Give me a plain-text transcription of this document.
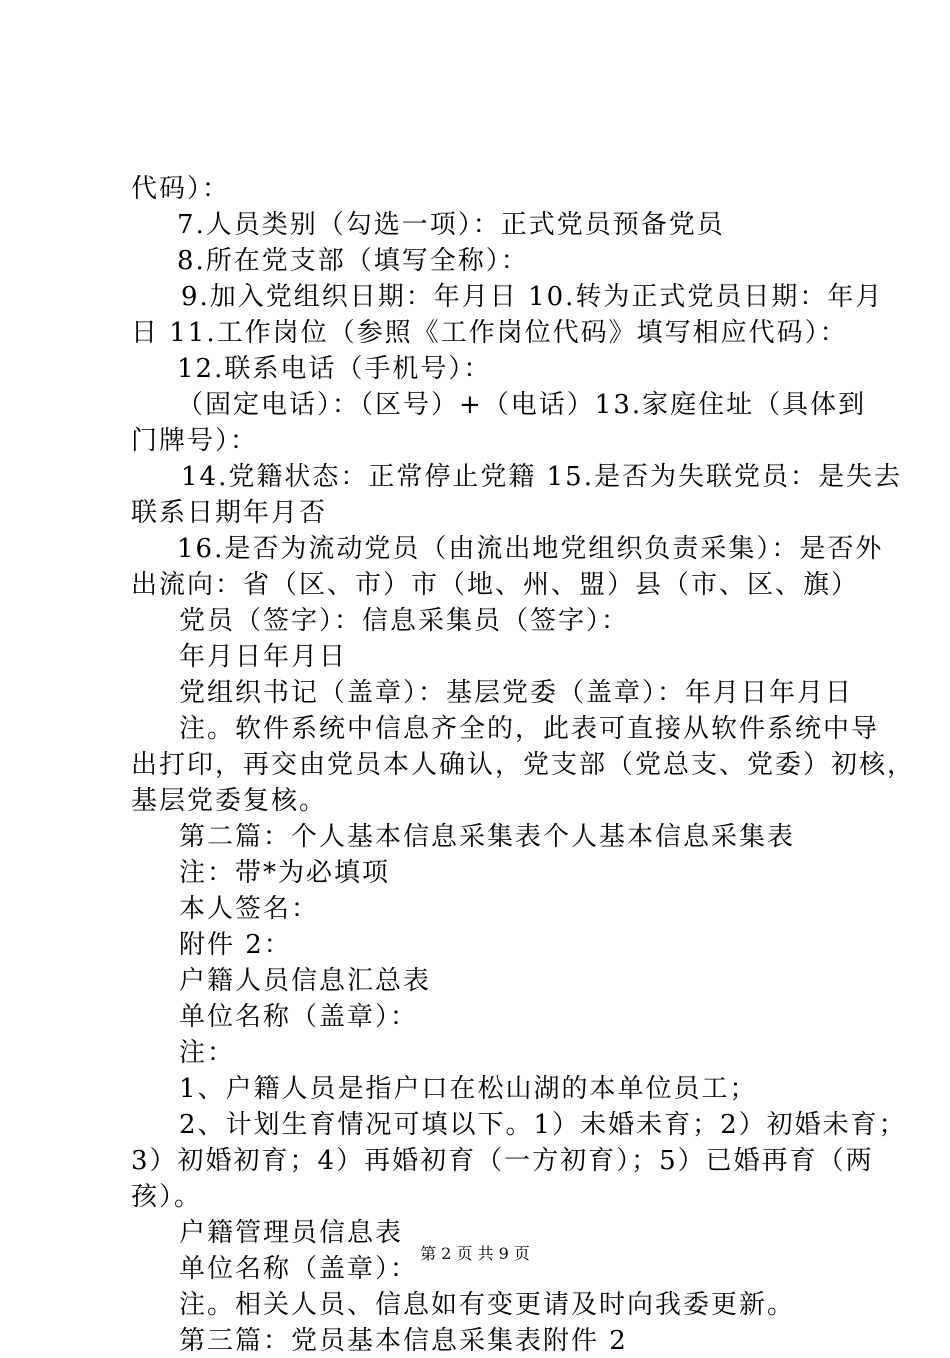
代码）：
7.人员类别（勾选一项）：正式党员预备党员
8.所在党支部（填写全称）：
9.加入党组织日期：年月日 10.转为正式党员日期：年月
日 11.工作岗位（参照《工作岗位代码》填写相应代码）：
12.联系电话（手机号）：
（固定电话）：（区号）+（电话）13.家庭住址（具体到
门牌号）：
14.党籍状态：正常停止党籍 15.是否为失联党员：是失去
联系日期年月否
16.是否为流动党员（由流出地党组织负责采集）：是否外
出流向：省（区、市）市（地、州、盟）县（市、区、旗）
党员（签字）：信息采集员（签字）：
年月日年月日
党组织书记（盖章）：基层党委（盖章）：年月日年月日
注。软件系统中信息齐全的，此表可直接从软件系统中导
出打印，再交由党员本人确认，党支部（党总支、党委）初核，
基层党委复核。
第二篇：个人基本信息采集表个人基本信息采集表
注：带*为必填项
本人签名：
附件 2：
户籍人员信息汇总表
单位名称（盖章）：
注：
1、户籍人员是指户口在松山湖的本单位员工；
2、计划生育情况可填以下。1）未婚未育；2）初婚未育；
3）初婚初育；4）再婚初育（一方初育）；5）已婚再育（两
孩）。
户籍管理员信息表
单位名称（盖章）：
注。相关人员、信息如有变更请及时向我委更新。
第三篇：党员基本信息采集表附件 2
第 2 页 共 9 页
